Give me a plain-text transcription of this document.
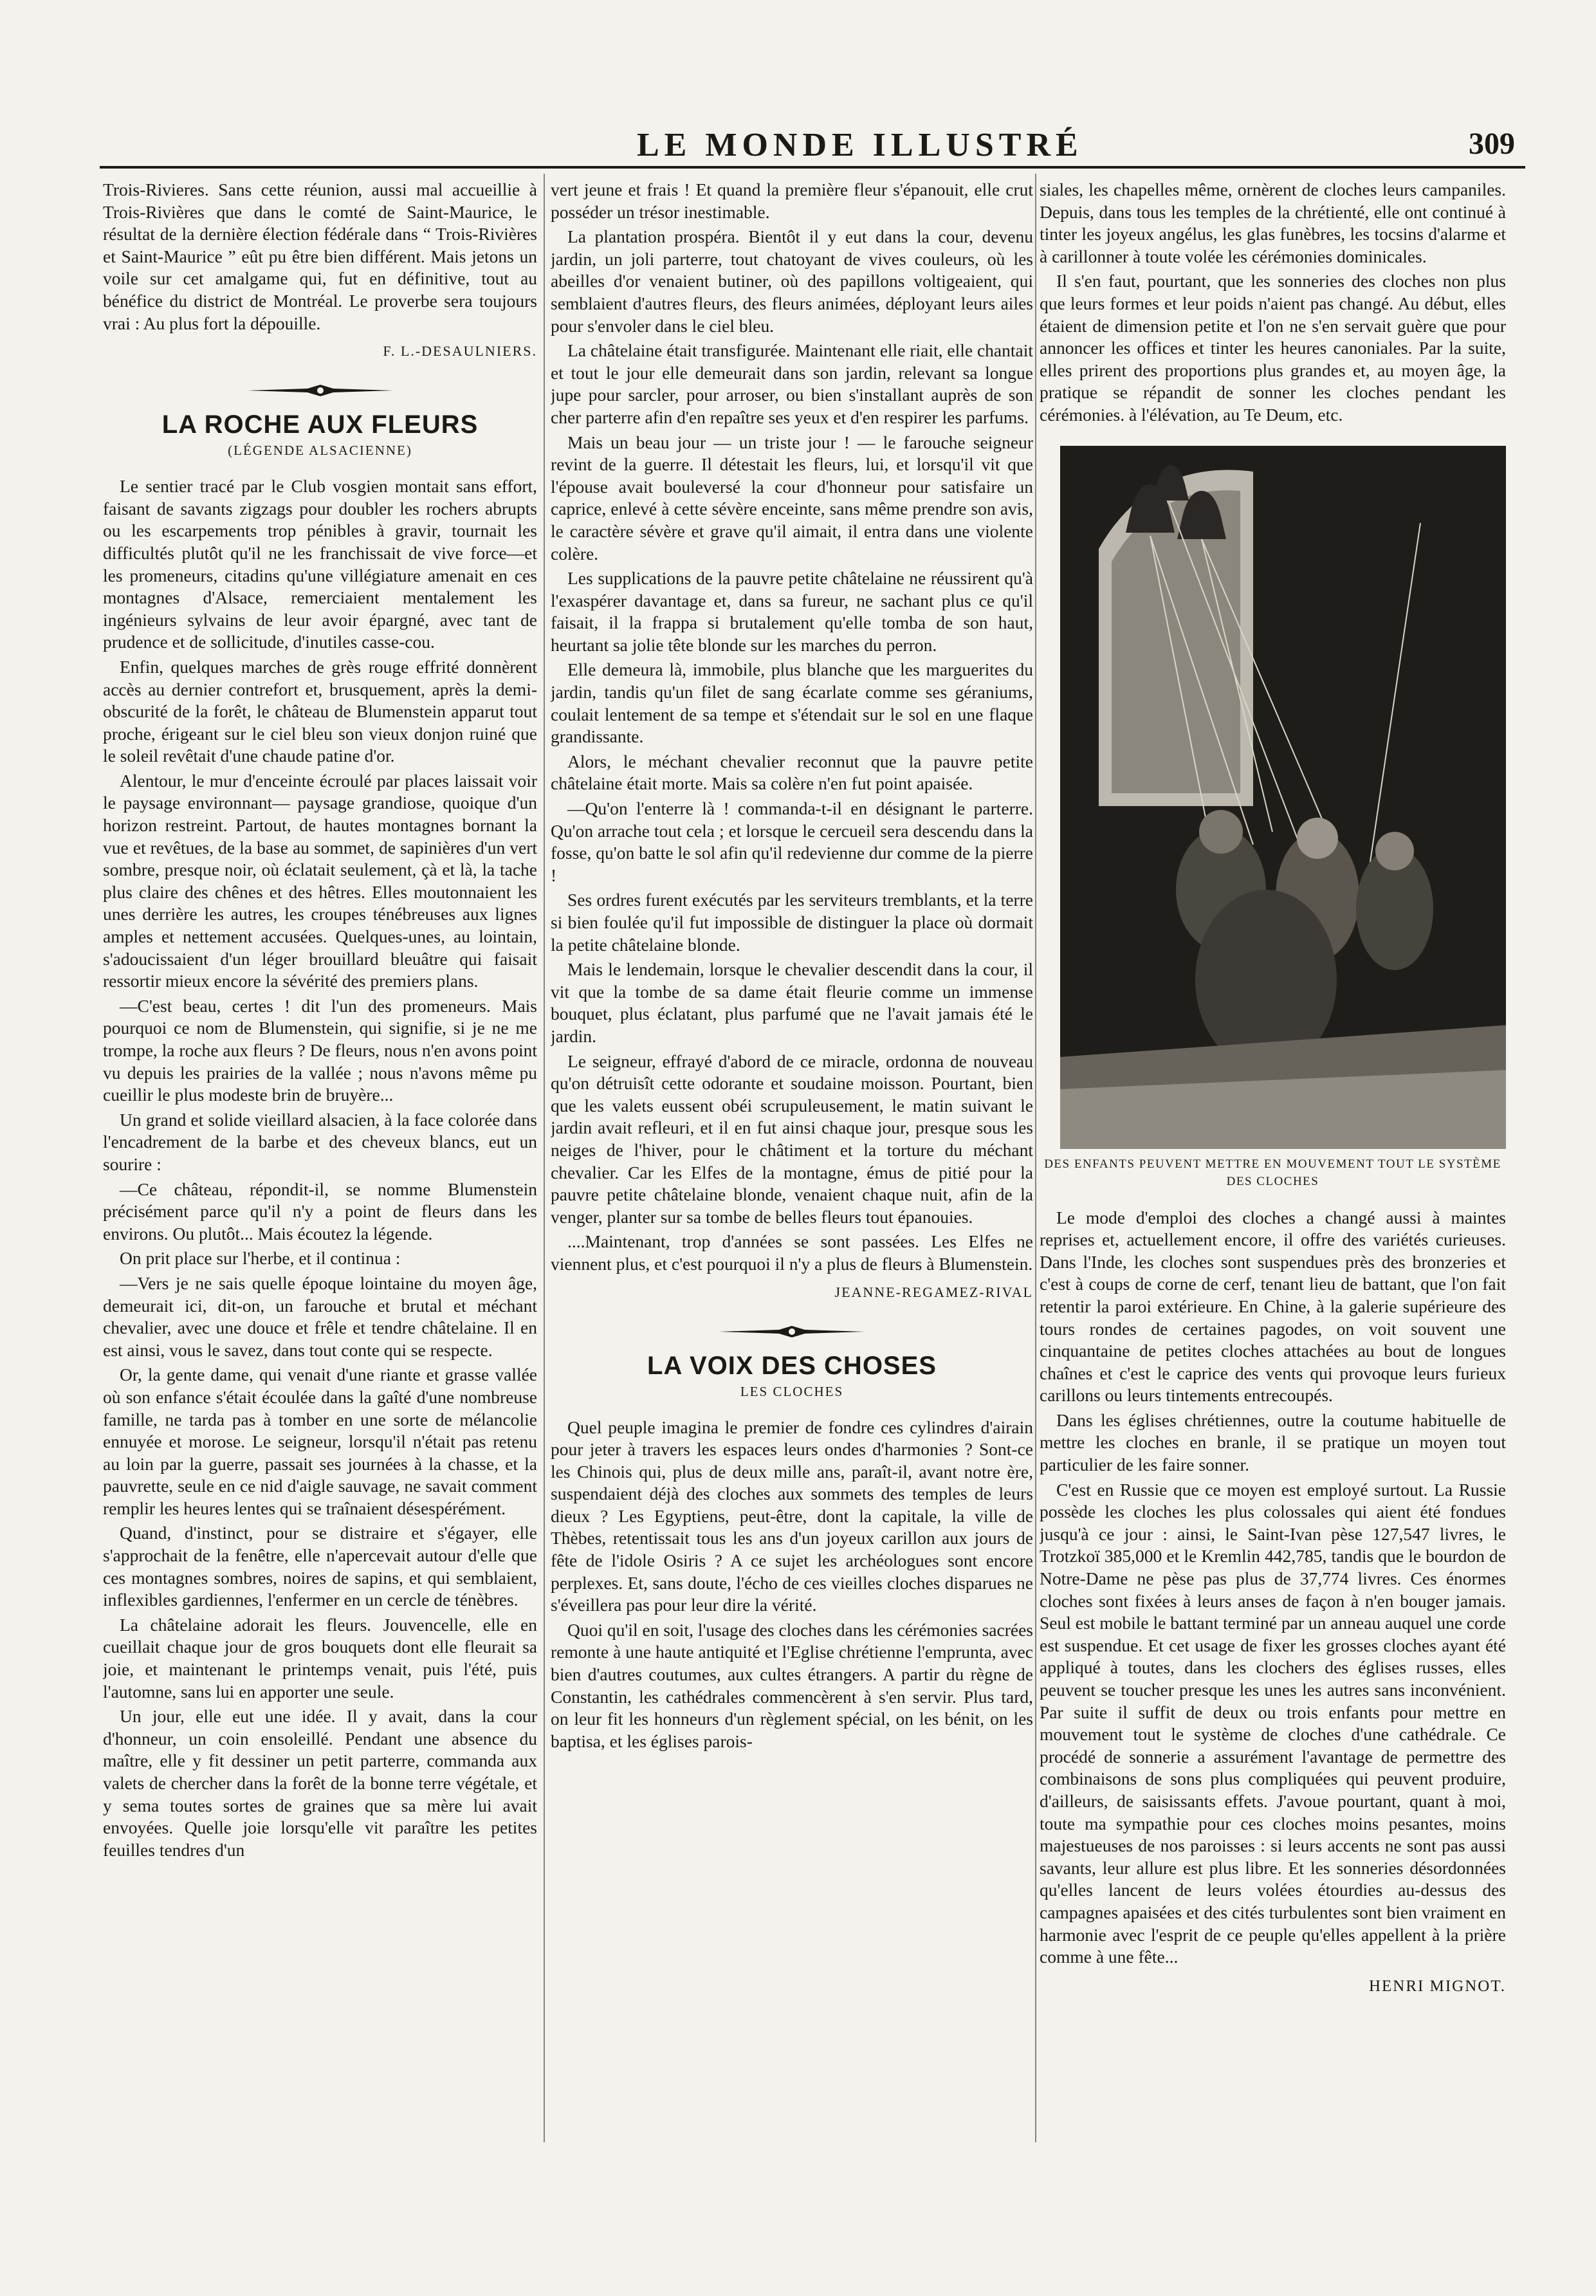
LE MONDE ILLUSTRÉ	309

Trois-Rivieres. Sans cette réunion, aussi mal accueillie à Trois-Rivières que dans le comté de Saint-Maurice, le résultat de la dernière élection fédérale dans “ Trois-Rivières et Saint-Maurice ” eût pu être bien différent. Mais jetons un voile sur cet amalgame qui, fut en définitive, tout au bénéfice du district de Montréal. Le proverbe sera toujours vrai : Au plus fort la dépouille.

F. L.-DESAULNIERS.
LA ROCHE AUX FLEURS
(LÉGENDE ALSACIENNE)

Le sentier tracé par le Club vosgien montait sans effort, faisant de savants zigzags pour doubler les rochers abrupts ou les escarpements trop pénibles à gravir, tournait les difficultés plutôt qu'il ne les franchissait de vive force—et les promeneurs, citadins qu'une villégiature amenait en ces montagnes d'Alsace, remerciaient mentalement les ingénieurs sylvains de leur avoir épargné, avec tant de prudence et de sollicitude, d'inutiles casse-cou.

Enfin, quelques marches de grès rouge effrité donnèrent accès au dernier contrefort et, brusquement, après la demi-obscurité de la forêt, le château de Blumenstein apparut tout proche, érigeant sur le ciel bleu son vieux donjon ruiné que le soleil revêtait d'une chaude patine d'or.

Alentour, le mur d'enceinte écroulé par places laissait voir le paysage environnant— paysage grandiose, quoique d'un horizon restreint. Partout, de hautes montagnes bornant la vue et revêtues, de la base au sommet, de sapinières d'un vert sombre, presque noir, où éclatait seulement, çà et là, la tache plus claire des chênes et des hêtres. Elles moutonnaient les unes derrière les autres, les croupes ténébreuses aux lignes amples et nettement accusées. Quelques-unes, au lointain, s'adoucissaient d'un léger brouillard bleuâtre qui faisait ressortir mieux encore la sévérité des premiers plans.

—C'est beau, certes ! dit l'un des promeneurs. Mais pourquoi ce nom de Blumenstein, qui signifie, si je ne me trompe, la roche aux fleurs ? De fleurs, nous n'en avons point vu depuis les prairies de la vallée ; nous n'avons même pu cueillir le plus modeste brin de bruyère...

Un grand et solide vieillard alsacien, à la face colorée dans l'encadrement de la barbe et des cheveux blancs, eut un sourire :

—Ce château, répondit-il, se nomme Blumenstein précisément parce qu'il n'y a point de fleurs dans les environs. Ou plutôt... Mais écoutez la légende.

On prit place sur l'herbe, et il continua :

—Vers je ne sais quelle époque lointaine du moyen âge, demeurait ici, dit-on, un farouche et brutal et méchant chevalier, avec une douce et frêle et tendre châtelaine. Il en est ainsi, vous le savez, dans tout conte qui se respecte.

Or, la gente dame, qui venait d'une riante et grasse vallée où son enfance s'était écoulée dans la gaîté d'une nombreuse famille, ne tarda pas à tomber en une sorte de mélancolie ennuyée et morose. Le seigneur, lorsqu'il n'était pas retenu au loin par la guerre, passait ses journées à la chasse, et la pauvrette, seule en ce nid d'aigle sauvage, ne savait comment remplir les heures lentes qui se traînaient désespérément.

Quand, d'instinct, pour se distraire et s'égayer, elle s'approchait de la fenêtre, elle n'apercevait autour d'elle que ces montagnes sombres, noires de sapins, et qui semblaient, inflexibles gardiennes, l'enfermer en un cercle de ténèbres.

La châtelaine adorait les fleurs. Jouvencelle, elle en cueillait chaque jour de gros bouquets dont elle fleurait sa joie, et maintenant le printemps venait, puis l'été, puis l'automne, sans lui en apporter une seule.

Un jour, elle eut une idée. Il y avait, dans la cour d'honneur, un coin ensoleillé. Pendant une absence du maître, elle y fit dessiner un petit parterre, commanda aux valets de chercher dans la forêt de la bonne terre végétale, et y sema toutes sortes de graines que sa mère lui avait envoyées. Quelle joie lorsqu'elle vit paraître les petites feuilles tendres d'un

vert jeune et frais ! Et quand la première fleur s'épanouit, elle crut posséder un trésor inestimable.

La plantation prospéra. Bientôt il y eut dans la cour, devenu jardin, un joli parterre, tout chatoyant de vives couleurs, où les abeilles d'or venaient butiner, où des papillons voltigeaient, qui semblaient d'autres fleurs, des fleurs animées, déployant leurs ailes pour s'envoler dans le ciel bleu.

La châtelaine était transfigurée. Maintenant elle riait, elle chantait et tout le jour elle demeurait dans son jardin, relevant sa longue jupe pour sarcler, pour arroser, ou bien s'installant auprès de son cher parterre afin d'en repaître ses yeux et d'en respirer les parfums.

Mais un beau jour — un triste jour ! — le farouche seigneur revint de la guerre. Il détestait les fleurs, lui, et lorsqu'il vit que l'épouse avait bouleversé la cour d'honneur pour satisfaire un caprice, enlevé à cette sévère enceinte, sans même prendre son avis, le caractère sévère et grave qu'il aimait, il entra dans une violente colère.

Les supplications de la pauvre petite châtelaine ne réussirent qu'à l'exaspérer davantage et, dans sa fureur, ne sachant plus ce qu'il faisait, il la frappa si brutalement qu'elle tomba de son haut, heurtant sa jolie tête blonde sur les marches du perron.

Elle demeura là, immobile, plus blanche que les marguerites du jardin, tandis qu'un filet de sang écarlate comme ses géraniums, coulait lentement de sa tempe et s'étendait sur le sol en une flaque grandissante.

Alors, le méchant chevalier reconnut que la pauvre petite châtelaine était morte. Mais sa colère n'en fut point apaisée.

—Qu'on l'enterre là ! commanda-t-il en désignant le parterre. Qu'on arrache tout cela ; et lorsque le cercueil sera descendu dans la fosse, qu'on batte le sol afin qu'il redevienne dur comme de la pierre !

Ses ordres furent exécutés par les serviteurs tremblants, et la terre si bien foulée qu'il fut impossible de distinguer la place où dormait la petite châtelaine blonde.

Mais le lendemain, lorsque le chevalier descendit dans la cour, il vit que la tombe de sa dame était fleurie comme un immense bouquet, plus éclatant, plus parfumé que ne l'avait jamais été le jardin.

Le seigneur, effrayé d'abord de ce miracle, ordonna de nouveau qu'on détruisît cette odorante et soudaine moisson. Pourtant, bien que les valets eussent obéi scrupuleusement, le matin suivant le jardin avait refleuri, et il en fut ainsi chaque jour, presque sous les neiges de l'hiver, pour le châtiment et la torture du méchant chevalier. Car les Elfes de la montagne, émus de pitié pour la pauvre petite châtelaine blonde, venaient chaque nuit, afin de la venger, planter sur sa tombe de belles fleurs tout épanouies.

....Maintenant, trop d'années se sont passées. Les Elfes ne viennent plus, et c'est pourquoi il n'y a plus de fleurs à Blumenstein.

JEANNE-REGAMEZ-RIVAL
LA VOIX DES CHOSES
LES CLOCHES

Quel peuple imagina le premier de fondre ces cylindres d'airain pour jeter à travers les espaces leurs ondes d'harmonies ? Sont-ce les Chinois qui, plus de deux mille ans, paraît-il, avant notre ère, suspendaient déjà des cloches aux sommets des temples de leurs dieux ? Les Egyptiens, peut-être, dont la capitale, la ville de Thèbes, retentissait tous les ans d'un joyeux carillon aux jours de fête de l'idole Osiris ? A ce sujet les archéologues sont encore perplexes. Et, sans doute, l'écho de ces vieilles cloches disparues ne s'éveillera pas pour leur dire la vérité.

Quoi qu'il en soit, l'usage des cloches dans les cérémonies sacrées remonte à une haute antiquité et l'Eglise chrétienne l'emprunta, avec bien d'autres coutumes, aux cultes étrangers. A partir du règne de Constantin, les cathédrales commencèrent à s'en servir. Plus tard, on leur fit les honneurs d'un règlement spécial, on les bénit, on les baptisa, et les églises parois-

siales, les chapelles même, ornèrent de cloches leurs campaniles. Depuis, dans tous les temples de la chrétienté, elle ont continué à tinter les joyeux angélus, les glas funèbres, les tocsins d'alarme et à carillonner à toute volée les cérémonies dominicales.

Il s'en faut, pourtant, que les sonneries des cloches non plus que leurs formes et leur poids n'aient pas changé. Au début, elles étaient de dimension petite et l'on ne s'en servait guère que pour annoncer les offices et tinter les heures canoniales. Par la suite, elles prirent des proportions plus grandes et, au moyen âge, la pratique se répandit de sonner les cloches pendant les cérémonies. à l'élévation, au Te Deum, etc.

DES ENFANTS PEUVENT METTRE EN MOUVEMENT TOUT LE SYSTÈME DES CLOCHES

Le mode d'emploi des cloches a changé aussi à maintes reprises et, actuellement encore, il offre des variétés curieuses. Dans l'Inde, les cloches sont suspendues près des bronzeries et c'est à coups de corne de cerf, tenant lieu de battant, que l'on fait retentir la paroi extérieure. En Chine, à la galerie supérieure des tours rondes de certaines pagodes, on voit souvent une cinquantaine de petites cloches attachées au bout de longues chaînes et c'est le caprice des vents qui provoque leurs furieux carillons ou leurs tintements entrecoupés.

Dans les églises chrétiennes, outre la coutume habituelle de mettre les cloches en branle, il se pratique un moyen tout particulier de les faire sonner.

C'est en Russie que ce moyen est employé surtout. La Russie possède les cloches les plus colossales qui aient été fondues jusqu'à ce jour : ainsi, le Saint-Ivan pèse 127,547 livres, le Trotzkoï 385,000 et le Kremlin 442,785, tandis que le bourdon de Notre-Dame ne pèse pas plus de 37,774 livres. Ces énormes cloches sont fixées à leurs anses de façon à n'en bouger jamais. Seul est mobile le battant terminé par un anneau auquel une corde est suspendue. Et cet usage de fixer les grosses cloches ayant été appliqué à toutes, dans les clochers des églises russes, elles peuvent se toucher presque les unes les autres sans inconvénient. Par suite il suffit de deux ou trois enfants pour mettre en mouvement tout le système de cloches d'une cathédrale. Ce procédé de sonnerie a assurément l'avantage de permettre des combinaisons de sons plus compliquées qui peuvent produire, d'ailleurs, de saisissants effets. J'avoue pourtant, quant à moi, toute ma sympathie pour ces cloches moins pesantes, moins majestueuses de nos paroisses : si leurs accents ne sont pas aussi savants, leur allure est plus libre. Et les sonneries désordonnées qu'elles lancent de leurs volées étourdies au-dessus des campagnes apaisées et des cités turbulentes sont bien vraiment en harmonie avec l'esprit de ce peuple qu'elles appellent à la prière comme à une fête...

HENRI MIGNOT.
